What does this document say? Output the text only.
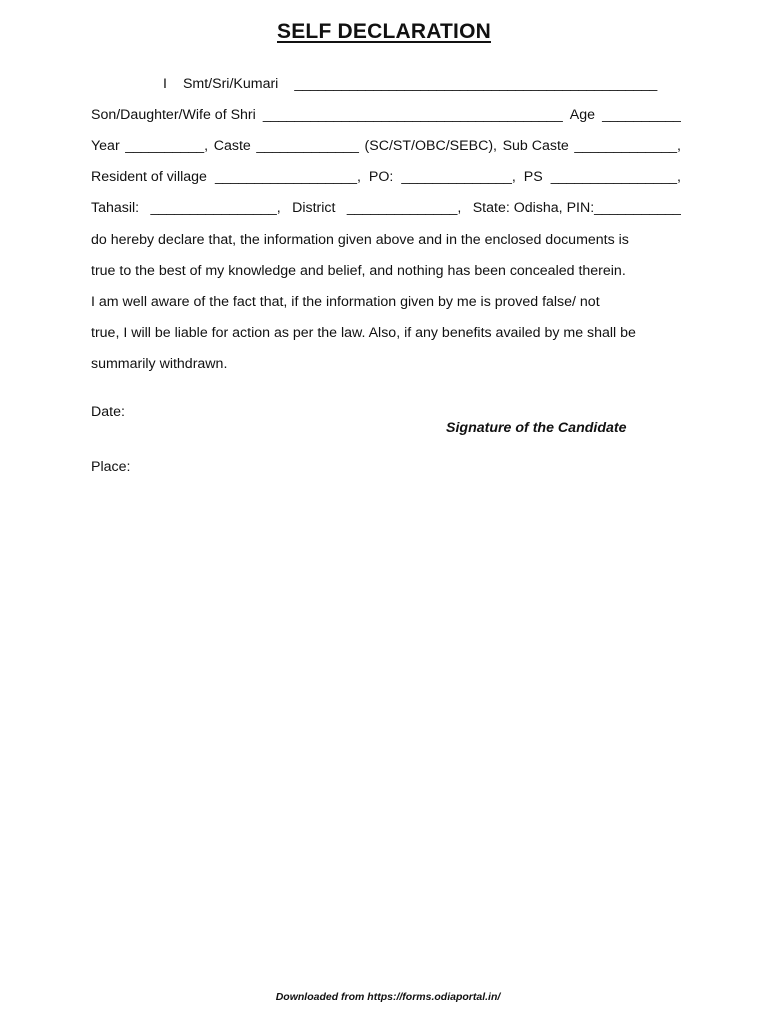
SELF DECLARATION
I Smt/Sri/Kumari ______________________________________________
Son/Daughter/Wife of Shri ______________________________________ Age __________
Year __________, Caste _____________ (SC/ST/OBC/SEBC), Sub Caste _____________,
Resident of village __________________, PO: ______________, PS ________________,
Tahasil: ________________, District ______________, State: Odisha, PIN:___________
do hereby declare that, the information given above and in the enclosed documents is
true to the best of my knowledge and belief, and nothing has been concealed therein.
I am well aware of the fact that, if the information given by me is proved false/ not
true, I will be liable for action as per the law. Also, if any benefits availed by me shall be
summarily withdrawn.
Date:
Signature of the Candidate
Place:
Downloaded from https://forms.odiaportal.in/
